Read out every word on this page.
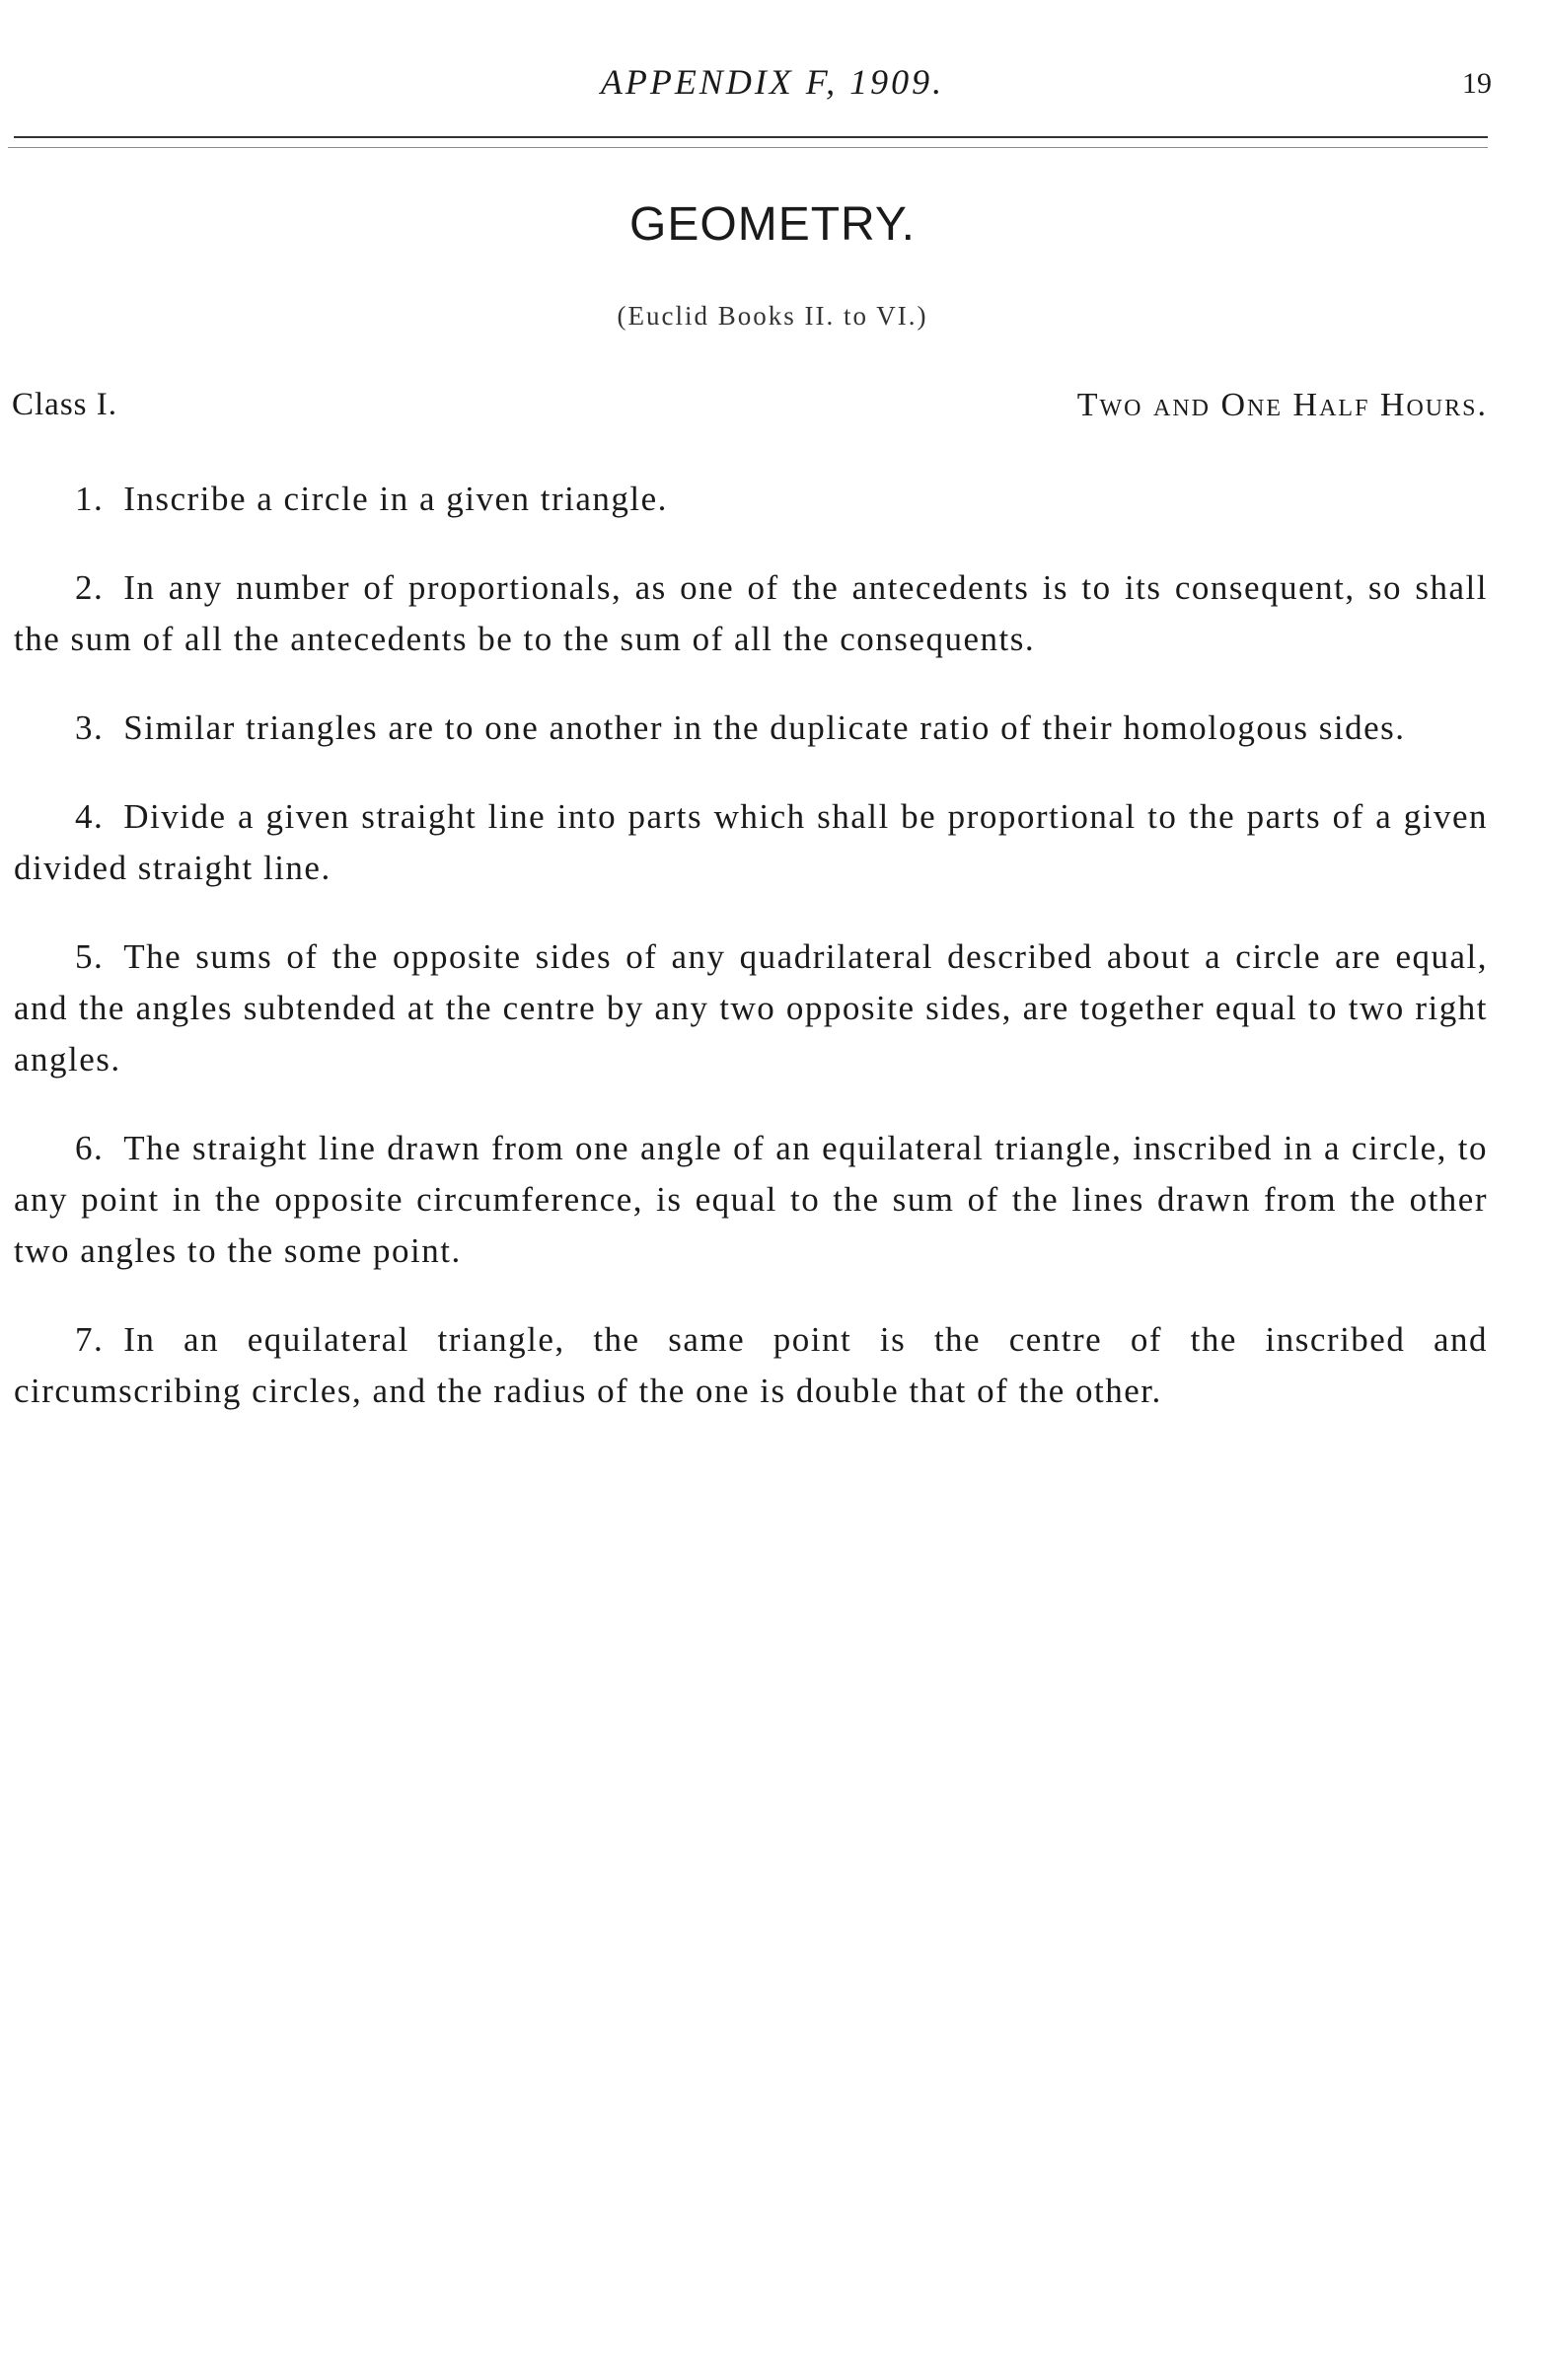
APPENDIX F, 1909.	19
GEOMETRY.
(Euclid Books II. to VI.)
Class I.	Two and One Half Hours.

1. Inscribe a circle in a given triangle.

2. In any number of proportionals, as one of the antecedents is to its consequent, so shall the sum of all the antecedents be to the sum of all the consequents.

3. Similar triangles are to one another in the duplicate ratio of their homologous sides.

4. Divide a given straight line into parts which shall be proportional to the parts of a given divided straight line.

5. The sums of the opposite sides of any quadrilateral described about a circle are equal, and the angles subtended at the centre by any two opposite sides, are together equal to two right angles.

6. The straight line drawn from one angle of an equilateral triangle, inscribed in a circle, to any point in the opposite circumference, is equal to the sum of the lines drawn from the other two angles to the some point.

7. In an equilateral triangle, the same point is the centre of the inscribed and circumscribing circles, and the radius of the one is double that of the other.
